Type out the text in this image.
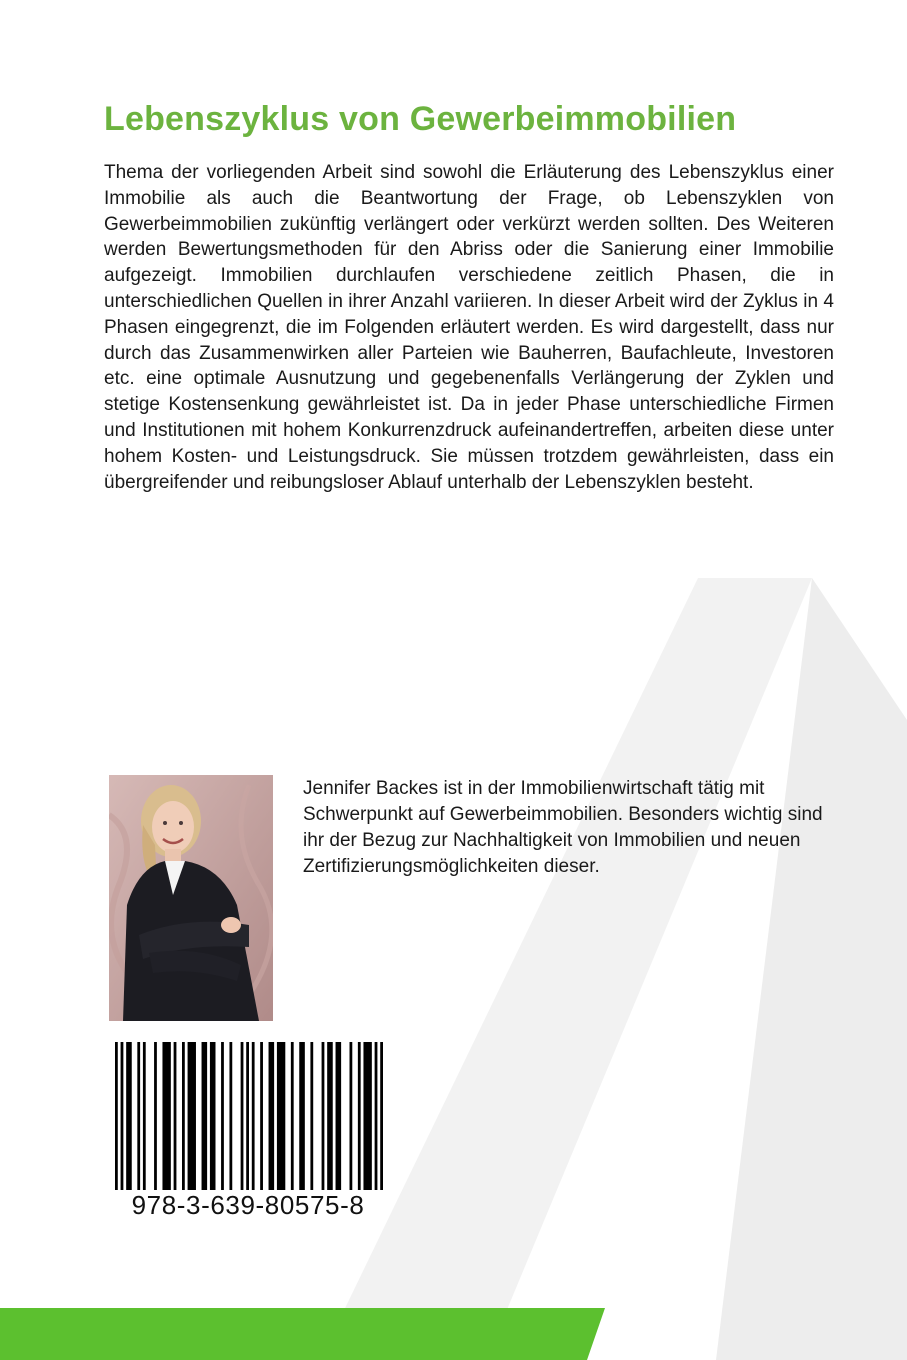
Lebenszyklus von Gewerbeimmobilien

Thema der vorliegenden Arbeit sind sowohl die Erläuterung des Lebenszyklus einer Immobilie als auch die Beantwortung der Frage, ob Lebenszyklen von Gewerbeimmobilien zukünftig verlängert oder verkürzt werden sollten. Des Weiteren werden Bewertungsmethoden für den Abriss oder die Sanierung einer Immobilie aufgezeigt. Immobilien durchlaufen verschiedene zeitlich Phasen, die in unterschiedlichen Quellen in ihrer Anzahl variieren. In dieser Arbeit wird der Zyklus in 4 Phasen eingegrenzt, die im Folgenden erläutert werden. Es wird dargestellt, dass nur durch das Zusammenwirken aller Parteien wie Bauherren, Baufachleute, Investoren etc. eine optimale Ausnutzung und gegebenenfalls Verlängerung der Zyklen und stetige Kostensenkung gewährleistet ist. Da in jeder Phase unterschiedliche Firmen und Institutionen mit hohem Konkurrenzdruck aufeinandertreffen, arbeiten diese unter hohem Kosten- und Leistungsdruck. Sie müssen trotzdem gewährleisten, dass ein übergreifender und reibungsloser Ablauf unterhalb der Lebenszyklen besteht.

Jennifer Backes ist in der Immobilienwirtschaft tätig mit Schwerpunkt auf Gewerbeimmobilien. Besonders wichtig sind ihr der Bezug zur Nachhaltigkeit von Immobilien und neuen Zertifizierungsmöglichkeiten dieser.

978-3-639-80575-8
